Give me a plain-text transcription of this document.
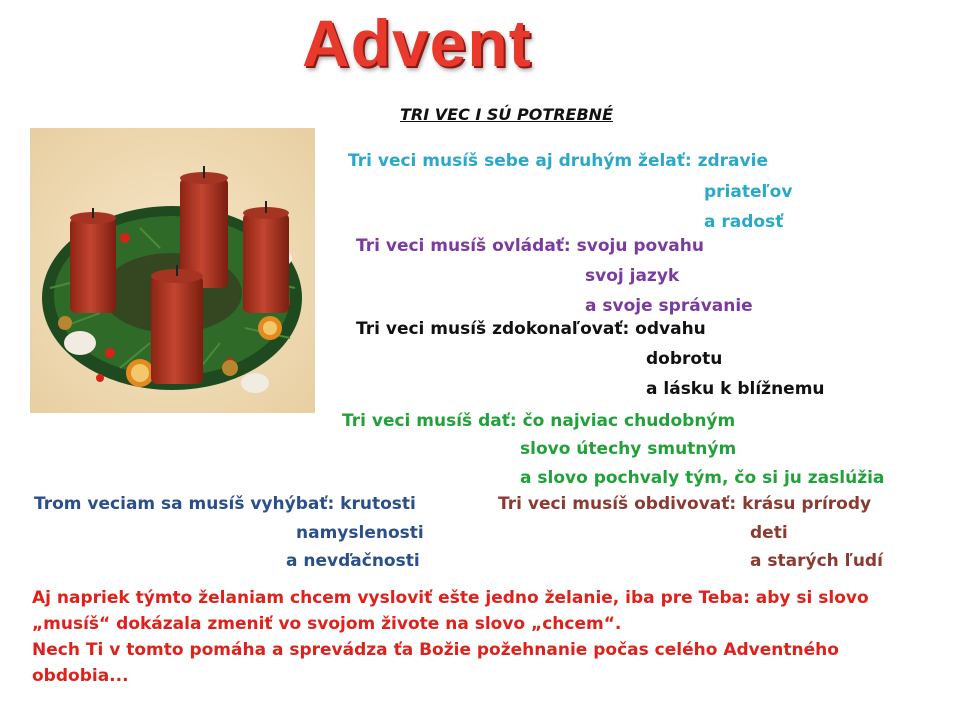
Advent
TRI VEC I SÚ POTREBNÉ

Tri veci musíš sebe aj druhým želať: zdravie

priateľov

a radosť

Tri veci musíš ovládať: svoju povahu

svoj jazyk

a svoje správanie

Tri veci musíš zdokonaľovať: odvahu

dobrotu

a lásku k blížnemu

Tri veci musíš dať: čo najviac chudobným

slovo útechy smutným

a slovo pochvaly tým, čo si ju zaslúžia

Trom veciam sa musíš vyhýbať: krutosti

namyslenosti

a nevďačnosti

Tri veci musíš obdivovať: krásu prírody

deti

a starých ľudí

Aj napriek týmto želaniam chcem vysloviť ešte jedno želanie, iba pre Teba: aby si slovo
„musíš“ dokázala zmeniť vo svojom živote na slovo „chcem“.
Nech Ti v tomto pomáha a sprevádza ťa Božie požehnanie počas celého Adventného
obdobia...
